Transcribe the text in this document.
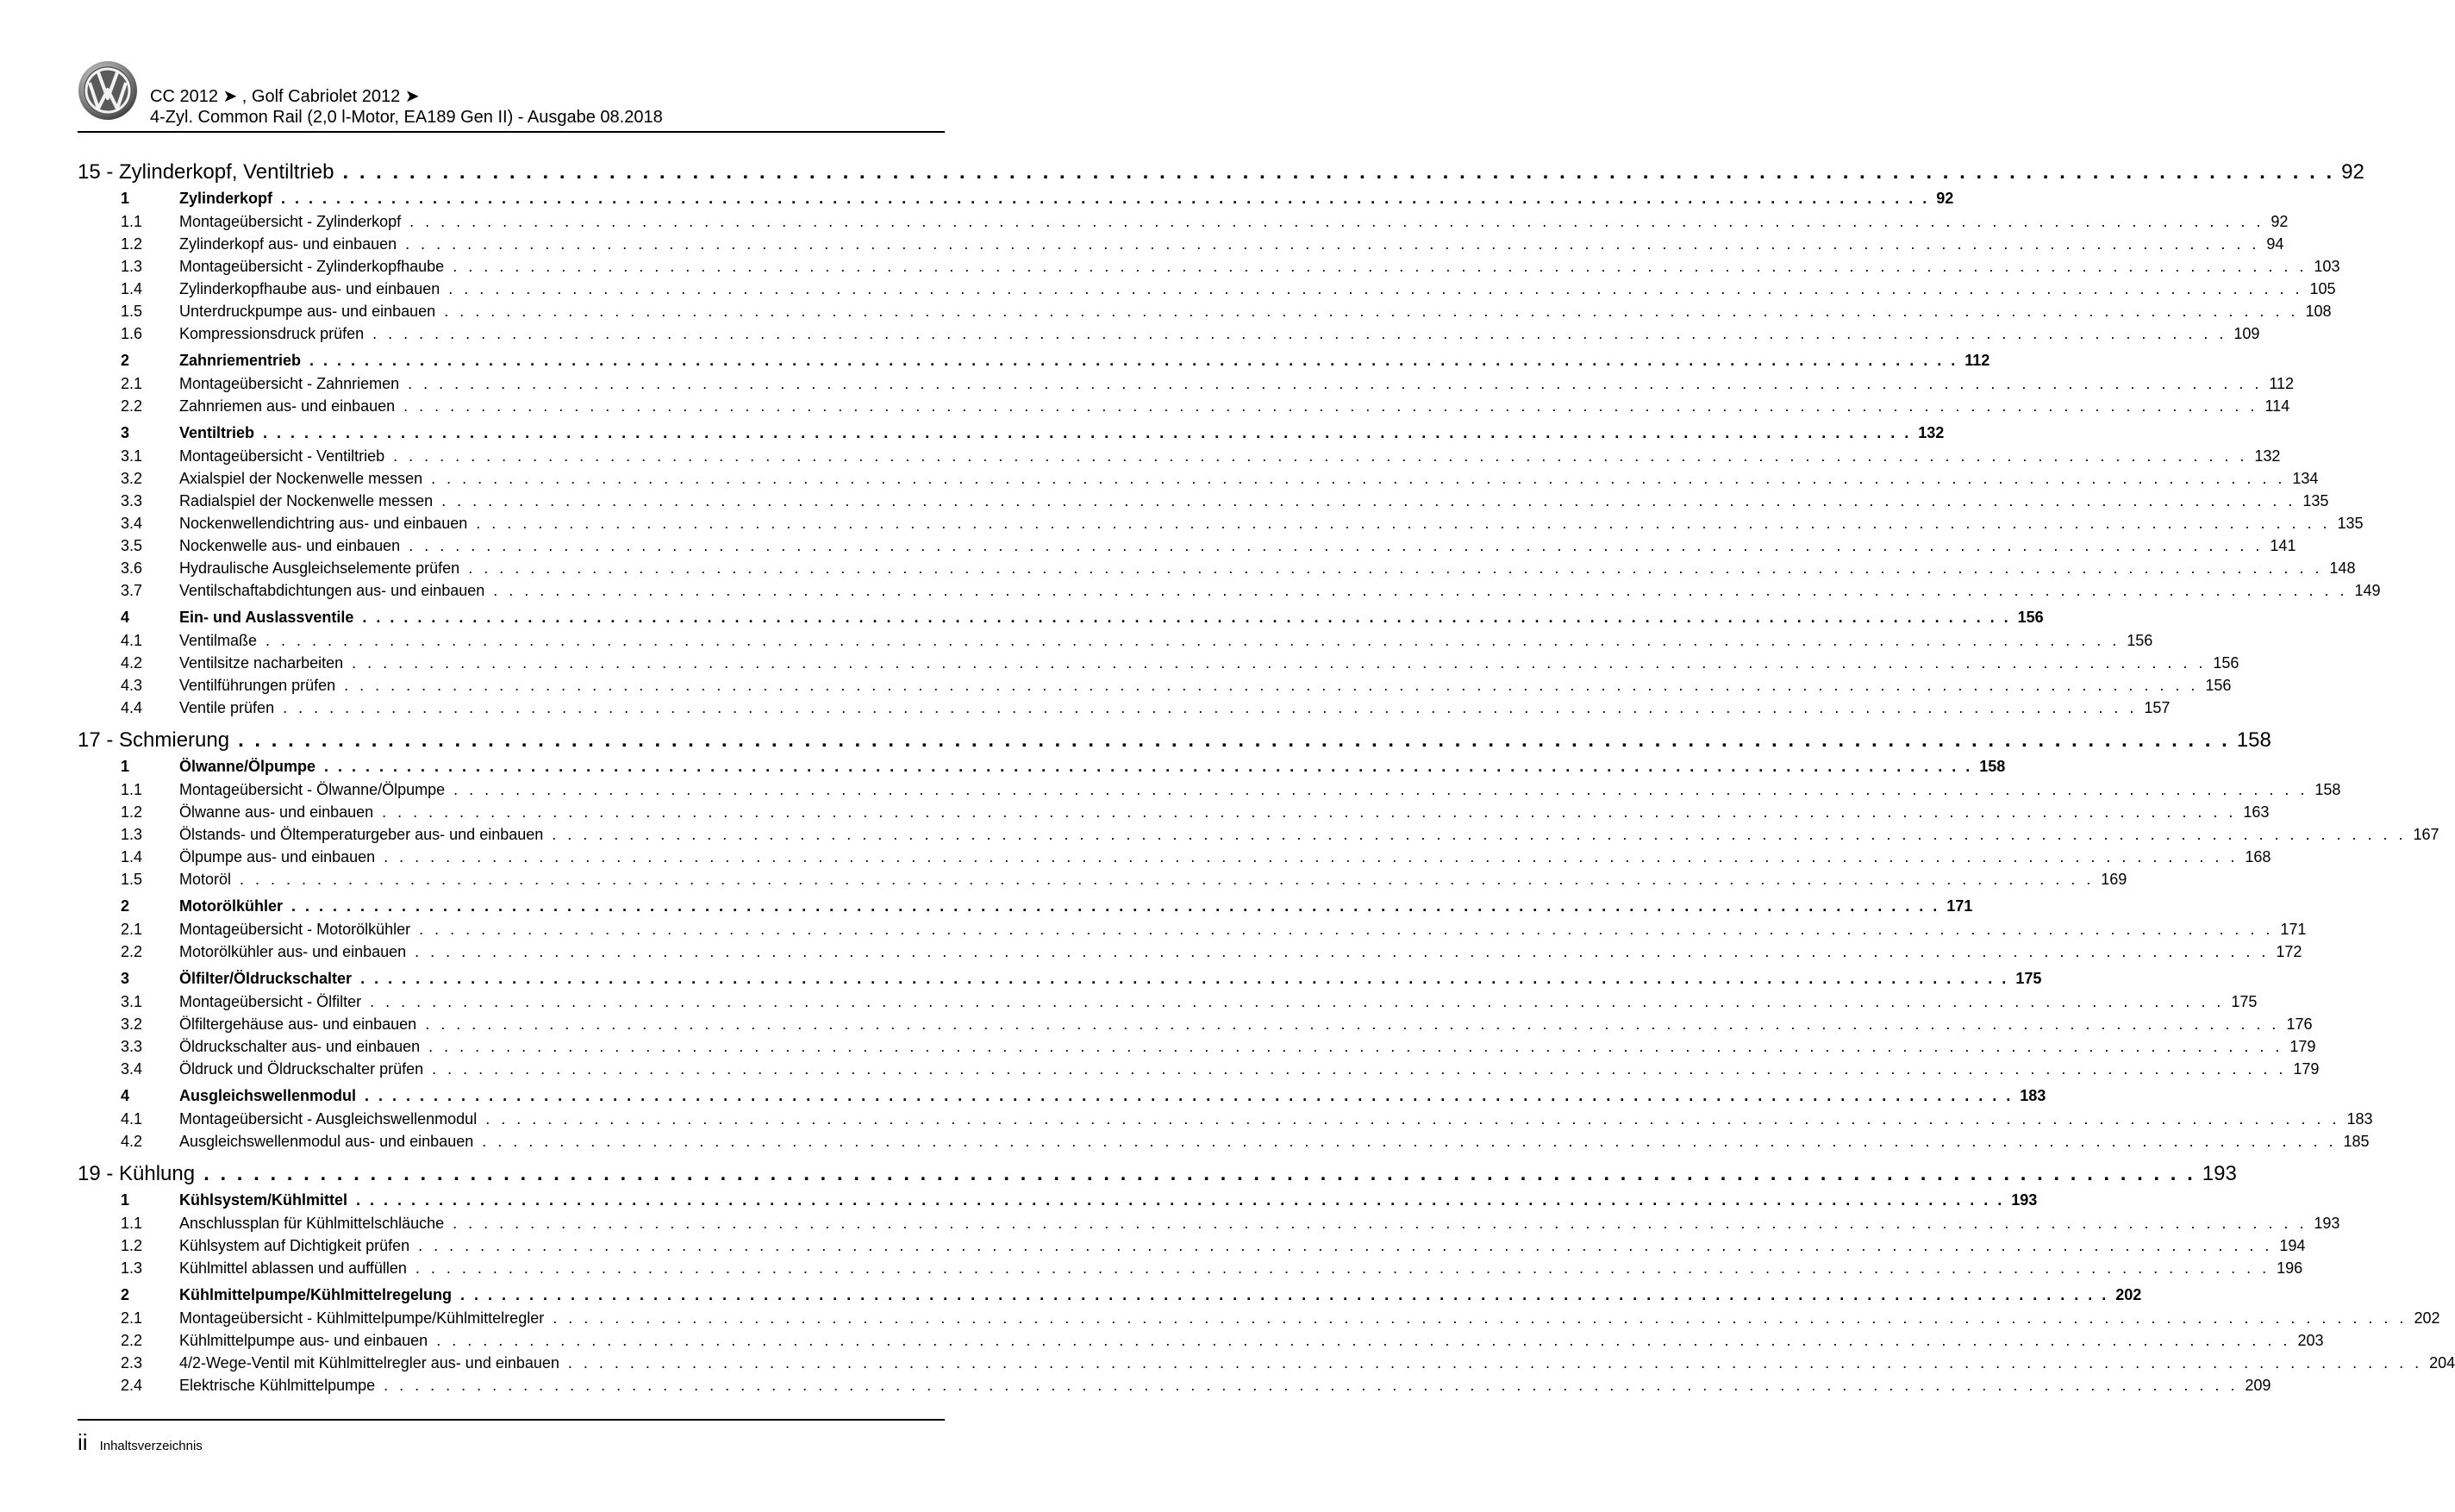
CC 2012 ➤ , Golf Cabriolet 2012 ➤
4-Zyl. Common Rail (2,0 l-Motor, EA189 Gen II) - Ausgabe 08.2018
15 - Zylinderkopf, Ventiltrieb . . . . . . . . . . . . . . . . . . . . . . . . . . . . . . . . . . . . . . . . . . . . . . . . . . . . . . . . . . . . . . . . . . . . . . . . . . . . . . . . . . . . . . . . . . . . . . . . . . . . . . . . . . . . . . . . . . . . . . . . 92
1	Zylinderkopf . . . . . . . . . . . . . . . . . . . . . . . . . . . . . . . . . . . . . . . . . . . . . . . . . . . . . . . . . . . . . . . . . . . . . . . . . . . . . . . . . . . . . . . . . . . . . . . . . . . . . . . . . . . . . . . . . . . . . . . . 92
1.1	Montageübersicht - Zylinderkopf . . . . . . . . . . . . . . . . . . . . . . . . . . . . . . . . . . . . . . . . . . . . . . . . . . . . . . . . . . . . . . . . . . . . . . . . . . . . . . . . . . . . . . . . . . . . . . . . . . . . . . . . . . . . . . . . . . . . . . . . 92
1.2	Zylinderkopf aus- und einbauen . . . . . . . . . . . . . . . . . . . . . . . . . . . . . . . . . . . . . . . . . . . . . . . . . . . . . . . . . . . . . . . . . . . . . . . . . . . . . . . . . . . . . . . . . . . . . . . . . . . . . . . . . . . . . . . . . . . . . . . . 94
1.3	Montageübersicht - Zylinderkopfhaube . . . . . . . . . . . . . . . . . . . . . . . . . . . . . . . . . . . . . . . . . . . . . . . . . . . . . . . . . . . . . . . . . . . . . . . . . . . . . . . . . . . . . . . . . . . . . . . . . . . . . . . . . . . . . . . . . . . . . . . . 103
1.4	Zylinderkopfhaube aus- und einbauen . . . . . . . . . . . . . . . . . . . . . . . . . . . . . . . . . . . . . . . . . . . . . . . . . . . . . . . . . . . . . . . . . . . . . . . . . . . . . . . . . . . . . . . . . . . . . . . . . . . . . . . . . . . . . . . . . . . . . . . . 105
1.5	Unterdruckpumpe aus- und einbauen . . . . . . . . . . . . . . . . . . . . . . . . . . . . . . . . . . . . . . . . . . . . . . . . . . . . . . . . . . . . . . . . . . . . . . . . . . . . . . . . . . . . . . . . . . . . . . . . . . . . . . . . . . . . . . . . . . . . . . . . 108
1.6	Kompressionsdruck prüfen . . . . . . . . . . . . . . . . . . . . . . . . . . . . . . . . . . . . . . . . . . . . . . . . . . . . . . . . . . . . . . . . . . . . . . . . . . . . . . . . . . . . . . . . . . . . . . . . . . . . . . . . . . . . . . . . . . . . . . . . 109
2	Zahnriementrieb . . . . . . . . . . . . . . . . . . . . . . . . . . . . . . . . . . . . . . . . . . . . . . . . . . . . . . . . . . . . . . . . . . . . . . . . . . . . . . . . . . . . . . . . . . . . . . . . . . . . . . . . . . . . . . . . . . . . . . . . 112
2.1	Montageübersicht - Zahnriemen . . . . . . . . . . . . . . . . . . . . . . . . . . . . . . . . . . . . . . . . . . . . . . . . . . . . . . . . . . . . . . . . . . . . . . . . . . . . . . . . . . . . . . . . . . . . . . . . . . . . . . . . . . . . . . . . . . . . . . . . 112
2.2	Zahnriemen aus- und einbauen . . . . . . . . . . . . . . . . . . . . . . . . . . . . . . . . . . . . . . . . . . . . . . . . . . . . . . . . . . . . . . . . . . . . . . . . . . . . . . . . . . . . . . . . . . . . . . . . . . . . . . . . . . . . . . . . . . . . . . . . 114
3	Ventiltrieb . . . . . . . . . . . . . . . . . . . . . . . . . . . . . . . . . . . . . . . . . . . . . . . . . . . . . . . . . . . . . . . . . . . . . . . . . . . . . . . . . . . . . . . . . . . . . . . . . . . . . . . . . . . . . . . . . . . . . . . . 132
3.1	Montageübersicht - Ventiltrieb . . . . . . . . . . . . . . . . . . . . . . . . . . . . . . . . . . . . . . . . . . . . . . . . . . . . . . . . . . . . . . . . . . . . . . . . . . . . . . . . . . . . . . . . . . . . . . . . . . . . . . . . . . . . . . . . . . . . . . . . 132
3.2	Axialspiel der Nockenwelle messen . . . . . . . . . . . . . . . . . . . . . . . . . . . . . . . . . . . . . . . . . . . . . . . . . . . . . . . . . . . . . . . . . . . . . . . . . . . . . . . . . . . . . . . . . . . . . . . . . . . . . . . . . . . . . . . . . . . . . . . . 134
3.3	Radialspiel der Nockenwelle messen . . . . . . . . . . . . . . . . . . . . . . . . . . . . . . . . . . . . . . . . . . . . . . . . . . . . . . . . . . . . . . . . . . . . . . . . . . . . . . . . . . . . . . . . . . . . . . . . . . . . . . . . . . . . . . . . . . . . . . . . 135
3.4	Nockenwellendichtring aus- und einbauen . . . . . . . . . . . . . . . . . . . . . . . . . . . . . . . . . . . . . . . . . . . . . . . . . . . . . . . . . . . . . . . . . . . . . . . . . . . . . . . . . . . . . . . . . . . . . . . . . . . . . . . . . . . . . . . . . . . . . . . . 135
3.5	Nockenwelle aus- und einbauen . . . . . . . . . . . . . . . . . . . . . . . . . . . . . . . . . . . . . . . . . . . . . . . . . . . . . . . . . . . . . . . . . . . . . . . . . . . . . . . . . . . . . . . . . . . . . . . . . . . . . . . . . . . . . . . . . . . . . . . . 141
3.6	Hydraulische Ausgleichselemente prüfen . . . . . . . . . . . . . . . . . . . . . . . . . . . . . . . . . . . . . . . . . . . . . . . . . . . . . . . . . . . . . . . . . . . . . . . . . . . . . . . . . . . . . . . . . . . . . . . . . . . . . . . . . . . . . . . . . . . . . . . . 148
3.7	Ventilschaftabdichtungen aus- und einbauen . . . . . . . . . . . . . . . . . . . . . . . . . . . . . . . . . . . . . . . . . . . . . . . . . . . . . . . . . . . . . . . . . . . . . . . . . . . . . . . . . . . . . . . . . . . . . . . . . . . . . . . . . . . . . . . . . . . . . . . . 149
4	Ein- und Auslassventile . . . . . . . . . . . . . . . . . . . . . . . . . . . . . . . . . . . . . . . . . . . . . . . . . . . . . . . . . . . . . . . . . . . . . . . . . . . . . . . . . . . . . . . . . . . . . . . . . . . . . . . . . . . . . . . . . . . . . . . . 156
4.1	Ventilmaße . . . . . . . . . . . . . . . . . . . . . . . . . . . . . . . . . . . . . . . . . . . . . . . . . . . . . . . . . . . . . . . . . . . . . . . . . . . . . . . . . . . . . . . . . . . . . . . . . . . . . . . . . . . . . . . . . . . . . . . . 156
4.2	Ventilsitze nacharbeiten . . . . . . . . . . . . . . . . . . . . . . . . . . . . . . . . . . . . . . . . . . . . . . . . . . . . . . . . . . . . . . . . . . . . . . . . . . . . . . . . . . . . . . . . . . . . . . . . . . . . . . . . . . . . . . . . . . . . . . . . 156
4.3	Ventilführungen prüfen . . . . . . . . . . . . . . . . . . . . . . . . . . . . . . . . . . . . . . . . . . . . . . . . . . . . . . . . . . . . . . . . . . . . . . . . . . . . . . . . . . . . . . . . . . . . . . . . . . . . . . . . . . . . . . . . . . . . . . . . 156
4.4	Ventile prüfen . . . . . . . . . . . . . . . . . . . . . . . . . . . . . . . . . . . . . . . . . . . . . . . . . . . . . . . . . . . . . . . . . . . . . . . . . . . . . . . . . . . . . . . . . . . . . . . . . . . . . . . . . . . . . . . . . . . . . . . . 157
17 - Schmierung . . . . . . . . . . . . . . . . . . . . . . . . . . . . . . . . . . . . . . . . . . . . . . . . . . . . . . . . . . . . . . . . . . . . . . . . . . . . . . . . . . . . . . . . . . . . . . . . . . . . . . . . . . . . . . . . . . . . . . . . 158
1	Ölwanne/Ölpumpe . . . . . . . . . . . . . . . . . . . . . . . . . . . . . . . . . . . . . . . . . . . . . . . . . . . . . . . . . . . . . . . . . . . . . . . . . . . . . . . . . . . . . . . . . . . . . . . . . . . . . . . . . . . . . . . . . . . . . . . . 158
1.1	Montageübersicht - Ölwanne/Ölpumpe . . . . . . . . . . . . . . . . . . . . . . . . . . . . . . . . . . . . . . . . . . . . . . . . . . . . . . . . . . . . . . . . . . . . . . . . . . . . . . . . . . . . . . . . . . . . . . . . . . . . . . . . . . . . . . . . . . . . . . . . 158
1.2	Ölwanne aus- und einbauen . . . . . . . . . . . . . . . . . . . . . . . . . . . . . . . . . . . . . . . . . . . . . . . . . . . . . . . . . . . . . . . . . . . . . . . . . . . . . . . . . . . . . . . . . . . . . . . . . . . . . . . . . . . . . . . . . . . . . . . . 163
1.3	Ölstands- und Öltemperaturgeber aus- und einbauen . . . . . . . . . . . . . . . . . . . . . . . . . . . . . . . . . . . . . . . . . . . . . . . . . . . . . . . . . . . . . . . . . . . . . . . . . . . . . . . . . . . . . . . . . . . . . . . . . . . . . . . . . . . . . . . . . . . . . . . . 167
1.4	Ölpumpe aus- und einbauen . . . . . . . . . . . . . . . . . . . . . . . . . . . . . . . . . . . . . . . . . . . . . . . . . . . . . . . . . . . . . . . . . . . . . . . . . . . . . . . . . . . . . . . . . . . . . . . . . . . . . . . . . . . . . . . . . . . . . . . . 168
1.5	Motoröl . . . . . . . . . . . . . . . . . . . . . . . . . . . . . . . . . . . . . . . . . . . . . . . . . . . . . . . . . . . . . . . . . . . . . . . . . . . . . . . . . . . . . . . . . . . . . . . . . . . . . . . . . . . . . . . . . . . . . . . . 169
2	Motorölkühler . . . . . . . . . . . . . . . . . . . . . . . . . . . . . . . . . . . . . . . . . . . . . . . . . . . . . . . . . . . . . . . . . . . . . . . . . . . . . . . . . . . . . . . . . . . . . . . . . . . . . . . . . . . . . . . . . . . . . . . . 171
2.1	Montageübersicht - Motorölkühler . . . . . . . . . . . . . . . . . . . . . . . . . . . . . . . . . . . . . . . . . . . . . . . . . . . . . . . . . . . . . . . . . . . . . . . . . . . . . . . . . . . . . . . . . . . . . . . . . . . . . . . . . . . . . . . . . . . . . . . . 171
2.2	Motorölkühler aus- und einbauen . . . . . . . . . . . . . . . . . . . . . . . . . . . . . . . . . . . . . . . . . . . . . . . . . . . . . . . . . . . . . . . . . . . . . . . . . . . . . . . . . . . . . . . . . . . . . . . . . . . . . . . . . . . . . . . . . . . . . . . . 172
3	Ölfilter/Öldruckschalter . . . . . . . . . . . . . . . . . . . . . . . . . . . . . . . . . . . . . . . . . . . . . . . . . . . . . . . . . . . . . . . . . . . . . . . . . . . . . . . . . . . . . . . . . . . . . . . . . . . . . . . . . . . . . . . . . . . . . . . . 175
3.1	Montageübersicht - Ölfilter . . . . . . . . . . . . . . . . . . . . . . . . . . . . . . . . . . . . . . . . . . . . . . . . . . . . . . . . . . . . . . . . . . . . . . . . . . . . . . . . . . . . . . . . . . . . . . . . . . . . . . . . . . . . . . . . . . . . . . . . 175
3.2	Ölfiltergehäuse aus- und einbauen . . . . . . . . . . . . . . . . . . . . . . . . . . . . . . . . . . . . . . . . . . . . . . . . . . . . . . . . . . . . . . . . . . . . . . . . . . . . . . . . . . . . . . . . . . . . . . . . . . . . . . . . . . . . . . . . . . . . . . . . 176
3.3	Öldruckschalter aus- und einbauen . . . . . . . . . . . . . . . . . . . . . . . . . . . . . . . . . . . . . . . . . . . . . . . . . . . . . . . . . . . . . . . . . . . . . . . . . . . . . . . . . . . . . . . . . . . . . . . . . . . . . . . . . . . . . . . . . . . . . . . . 179
3.4	Öldruck und Öldruckschalter prüfen . . . . . . . . . . . . . . . . . . . . . . . . . . . . . . . . . . . . . . . . . . . . . . . . . . . . . . . . . . . . . . . . . . . . . . . . . . . . . . . . . . . . . . . . . . . . . . . . . . . . . . . . . . . . . . . . . . . . . . . . 179
4	Ausgleichswellenmodul . . . . . . . . . . . . . . . . . . . . . . . . . . . . . . . . . . . . . . . . . . . . . . . . . . . . . . . . . . . . . . . . . . . . . . . . . . . . . . . . . . . . . . . . . . . . . . . . . . . . . . . . . . . . . . . . . . . . . . . . 183
4.1	Montageübersicht - Ausgleichswellenmodul . . . . . . . . . . . . . . . . . . . . . . . . . . . . . . . . . . . . . . . . . . . . . . . . . . . . . . . . . . . . . . . . . . . . . . . . . . . . . . . . . . . . . . . . . . . . . . . . . . . . . . . . . . . . . . . . . . . . . . . . 183
4.2	Ausgleichswellenmodul aus- und einbauen . . . . . . . . . . . . . . . . . . . . . . . . . . . . . . . . . . . . . . . . . . . . . . . . . . . . . . . . . . . . . . . . . . . . . . . . . . . . . . . . . . . . . . . . . . . . . . . . . . . . . . . . . . . . . . . . . . . . . . . . 185
19 - Kühlung . . . . . . . . . . . . . . . . . . . . . . . . . . . . . . . . . . . . . . . . . . . . . . . . . . . . . . . . . . . . . . . . . . . . . . . . . . . . . . . . . . . . . . . . . . . . . . . . . . . . . . . . . . . . . . . . . . . . . . . . 193
1	Kühlsystem/Kühlmittel . . . . . . . . . . . . . . . . . . . . . . . . . . . . . . . . . . . . . . . . . . . . . . . . . . . . . . . . . . . . . . . . . . . . . . . . . . . . . . . . . . . . . . . . . . . . . . . . . . . . . . . . . . . . . . . . . . . . . . . . 193
1.1	Anschlussplan für Kühlmittelschläuche . . . . . . . . . . . . . . . . . . . . . . . . . . . . . . . . . . . . . . . . . . . . . . . . . . . . . . . . . . . . . . . . . . . . . . . . . . . . . . . . . . . . . . . . . . . . . . . . . . . . . . . . . . . . . . . . . . . . . . . . 193
1.2	Kühlsystem auf Dichtigkeit prüfen . . . . . . . . . . . . . . . . . . . . . . . . . . . . . . . . . . . . . . . . . . . . . . . . . . . . . . . . . . . . . . . . . . . . . . . . . . . . . . . . . . . . . . . . . . . . . . . . . . . . . . . . . . . . . . . . . . . . . . . . 194
1.3	Kühlmittel ablassen und auffüllen . . . . . . . . . . . . . . . . . . . . . . . . . . . . . . . . . . . . . . . . . . . . . . . . . . . . . . . . . . . . . . . . . . . . . . . . . . . . . . . . . . . . . . . . . . . . . . . . . . . . . . . . . . . . . . . . . . . . . . . . 196
2	Kühlmittelpumpe/Kühlmittelregelung . . . . . . . . . . . . . . . . . . . . . . . . . . . . . . . . . . . . . . . . . . . . . . . . . . . . . . . . . . . . . . . . . . . . . . . . . . . . . . . . . . . . . . . . . . . . . . . . . . . . . . . . . . . . . . . . . . . . . . . . 202
2.1	Montageübersicht - Kühlmittelpumpe/Kühlmittelregler . . . . . . . . . . . . . . . . . . . . . . . . . . . . . . . . . . . . . . . . . . . . . . . . . . . . . . . . . . . . . . . . . . . . . . . . . . . . . . . . . . . . . . . . . . . . . . . . . . . . . . . . . . . . . . . . . . . . . . . . 202
2.2	Kühlmittelpumpe aus- und einbauen . . . . . . . . . . . . . . . . . . . . . . . . . . . . . . . . . . . . . . . . . . . . . . . . . . . . . . . . . . . . . . . . . . . . . . . . . . . . . . . . . . . . . . . . . . . . . . . . . . . . . . . . . . . . . . . . . . . . . . . . 203
2.3	4/2-Wege-Ventil mit Kühlmittelregler aus- und einbauen . . . . . . . . . . . . . . . . . . . . . . . . . . . . . . . . . . . . . . . . . . . . . . . . . . . . . . . . . . . . . . . . . . . . . . . . . . . . . . . . . . . . . . . . . . . . . . . . . . . . . . . . . . . . . . . . . . . . . . . . 204
2.4	Elektrische Kühlmittelpumpe . . . . . . . . . . . . . . . . . . . . . . . . . . . . . . . . . . . . . . . . . . . . . . . . . . . . . . . . . . . . . . . . . . . . . . . . . . . . . . . . . . . . . . . . . . . . . . . . . . . . . . . . . . . . . . . . . . . . . . . . 209
ii Inhaltsverzeichnis
